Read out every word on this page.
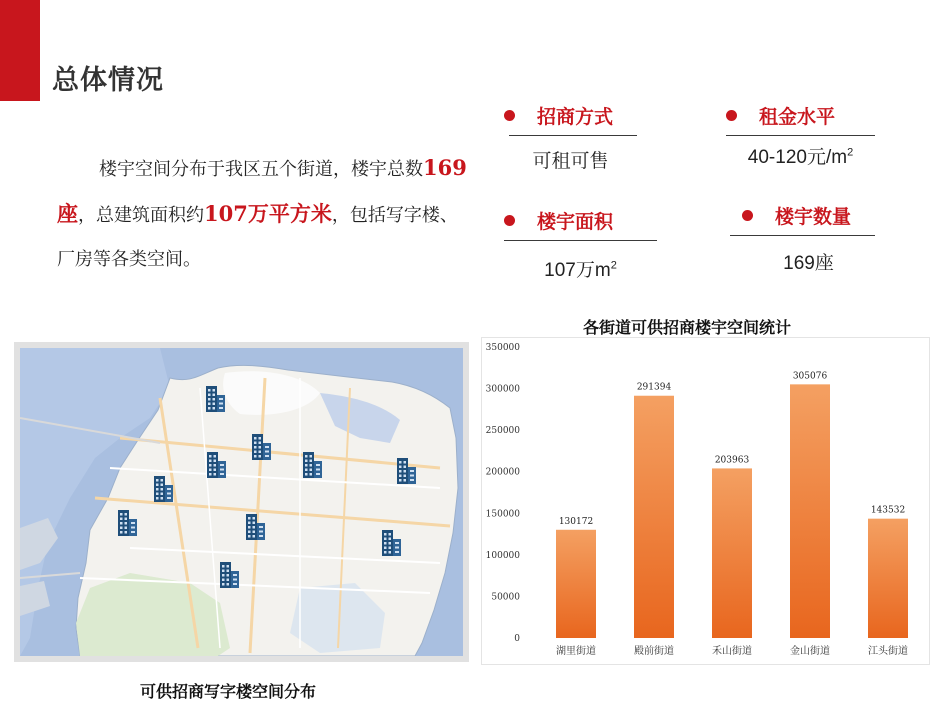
总体情况
楼宇空间分布于我区五个街道，楼宇总数169座，总建筑面积约107万平方米，包括写字楼、厂房等各类空间。
招商方式
可租可售
租金水平
40-120元$/m^2$
楼宇面积
107万$m^2$
楼宇数量
169座
可供招商写字楼空间分布
各街道可供招商楼宇空间统计
0
50000
100000
150000
200000
250000
300000
350000
130172
湖里街道
291394
殿前街道
203963
禾山街道
305076
金山街道
143532
江头街道
